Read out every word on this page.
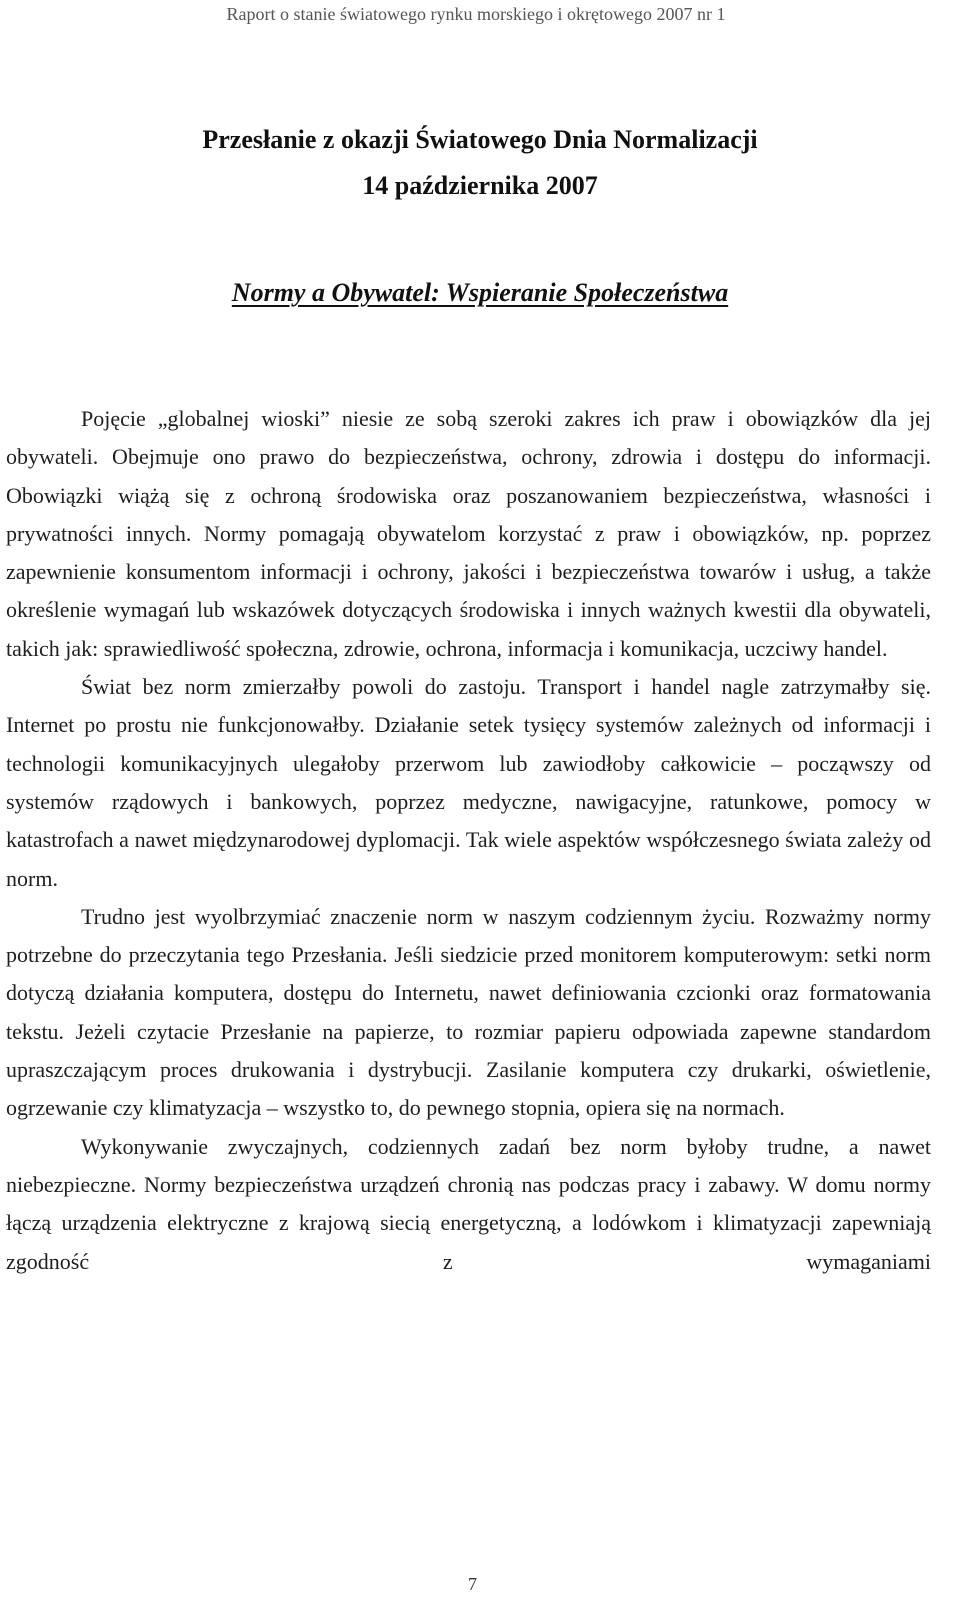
Raport o stanie światowego rynku morskiego i okrętowego 2007 nr 1
Przesłanie z okazji Światowego Dnia Normalizacji
14 października 2007
Normy a Obywatel: Wspieranie Społeczeństwa

Pojęcie „globalnej wioski” niesie ze sobą szeroki zakres ich praw i obowiązków dla jej obywateli. Obejmuje ono prawo do bezpieczeństwa, ochrony, zdrowia i dostępu do informacji. Obowiązki wiążą się z ochroną środowiska oraz poszanowaniem bezpieczeństwa, własności i prywatności innych. Normy pomagają obywatelom korzystać z praw i obowiązków, np. poprzez zapewnienie konsumentom informacji i ochrony, jakości i bezpieczeństwa towarów i usług, a także określenie wymagań lub wskazówek dotyczących środowiska i innych ważnych kwestii dla obywateli, takich jak: sprawiedliwość społeczna, zdrowie, ochrona, informacja i komunikacja, uczciwy handel.

Świat bez norm zmierzałby powoli do zastoju. Transport i handel nagle zatrzymałby się. Internet po prostu nie funkcjonowałby. Działanie setek tysięcy systemów zależnych od informacji i technologii komunikacyjnych ulegałoby przerwom lub zawiodłoby całkowicie – począwszy od systemów rządowych i bankowych, poprzez medyczne, nawigacyjne, ratunkowe, pomocy w katastrofach a nawet międzynarodowej dyplomacji. Tak wiele aspektów współczesnego świata zależy od norm.

Trudno jest wyolbrzymiać znaczenie norm w naszym codziennym życiu. Rozważmy normy potrzebne do przeczytania tego Przesłania. Jeśli siedzicie przed monitorem komputerowym: setki norm dotyczą działania komputera, dostępu do Internetu, nawet definiowania czcionki oraz formatowania tekstu. Jeżeli czytacie Przesłanie na papierze, to rozmiar papieru odpowiada zapewne standardom upraszczającym proces drukowania i dystrybucji. Zasilanie komputera czy drukarki, oświetlenie, ogrzewanie czy klimatyzacja – wszystko to, do pewnego stopnia, opiera się na normach.

Wykonywanie zwyczajnych, codziennych zadań bez norm byłoby trudne, a nawet niebezpieczne. Normy bezpieczeństwa urządzeń chronią nas podczas pracy i zabawy. W domu normy łączą urządzenia elektryczne z krajową siecią energetyczną, a lodówkom i klimatyzacji zapewniają zgodność z wymaganiami

7
